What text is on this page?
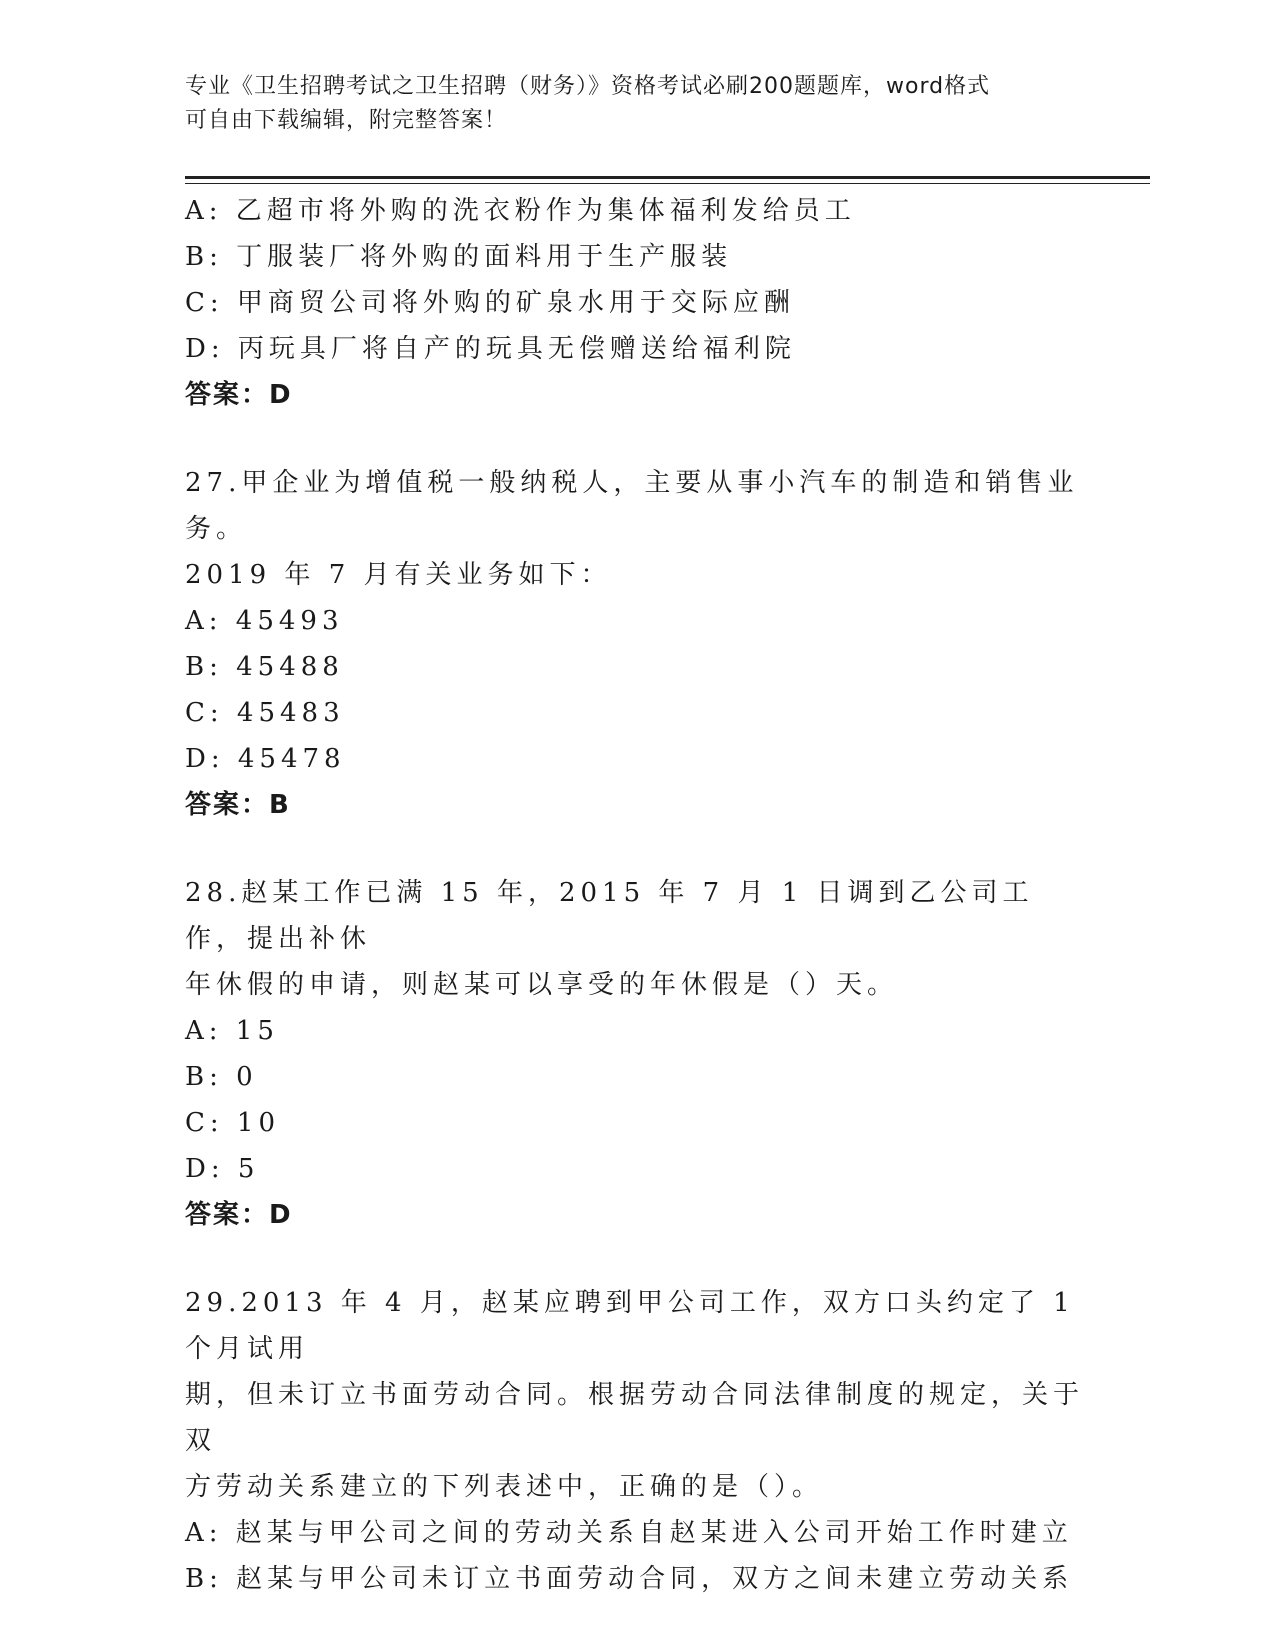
专业《卫生招聘考试之卫生招聘（财务）》资格考试必刷200题题库，word格式
可自由下载编辑，附完整答案！
A: 乙超市将外购的洗衣粉作为集体福利发给员工
B: 丁服装厂将外购的面料用于生产服装
C: 甲商贸公司将外购的矿泉水用于交际应酬
D: 丙玩具厂将自产的玩具无偿赠送给福利院
答案：D
27.甲企业为增值税一般纳税人，主要从事小汽车的制造和销售业务。
2019 年 7 月有关业务如下：
A: 45493
B: 45488
C: 45483
D: 45478
答案：B
28.赵某工作已满 15 年，2015 年 7 月 1 日调到乙公司工作，提出补休
年休假的申请，则赵某可以享受的年休假是（）天。
A: 15
B: 0
C: 10
D: 5
答案：D
29.2013 年 4 月，赵某应聘到甲公司工作，双方口头约定了 1 个月试用
期，但未订立书面劳动合同。根据劳动合同法律制度的规定，关于双
方劳动关系建立的下列表述中，正确的是（）。
A: 赵某与甲公司之间的劳动关系自赵某进入公司开始工作时建立
B: 赵某与甲公司未订立书面劳动合同，双方之间未建立劳动关系
